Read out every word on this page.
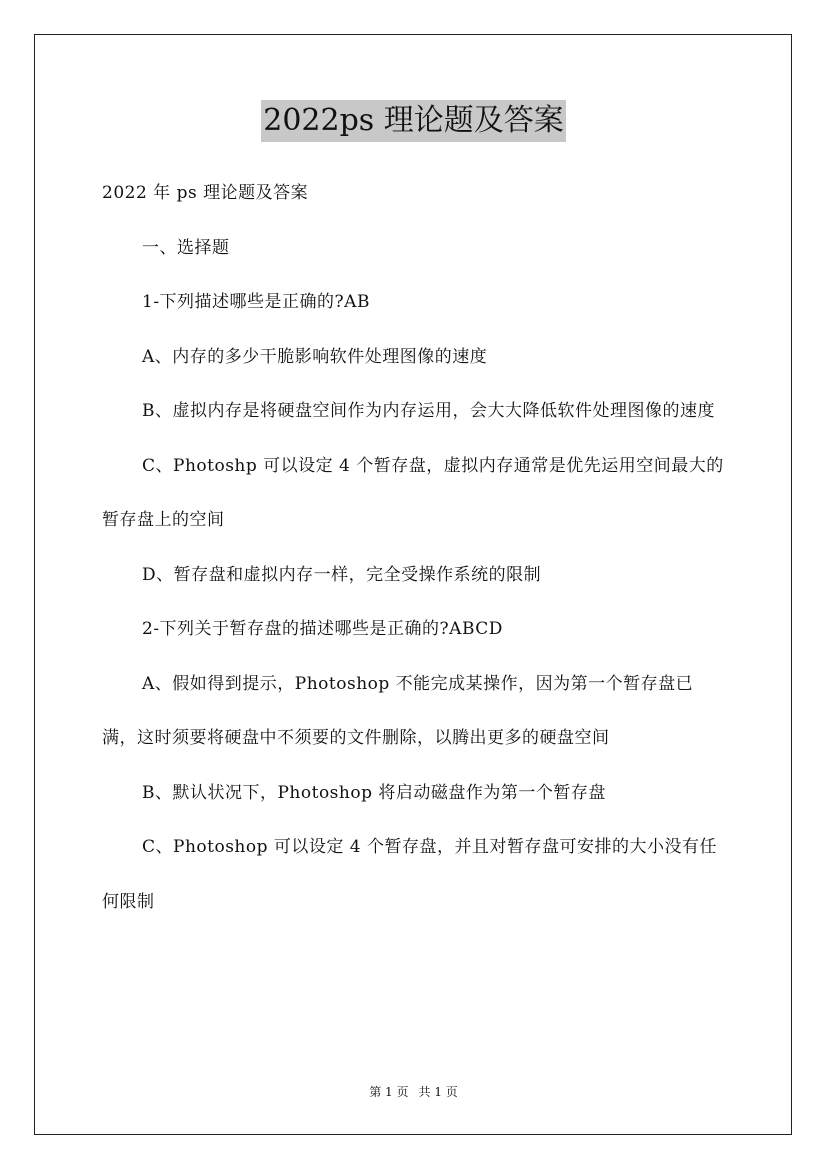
2022ps 理论题及答案

2022 年 ps 理论题及答案

一、选择题

1-下列描述哪些是正确的?AB

A、内存的多少干脆影响软件处理图像的速度

B、虚拟内存是将硬盘空间作为内存运用，会大大降低软件处理图像的速度

C、Photoshp 可以设定 4 个暂存盘，虚拟内存通常是优先运用空间最大的暂存盘上的空间

D、暂存盘和虚拟内存一样，完全受操作系统的限制

2-下列关于暂存盘的描述哪些是正确的?ABCD

A、假如得到提示，Photoshop 不能完成某操作，因为第一个暂存盘已满，这时须要将硬盘中不须要的文件删除，以腾出更多的硬盘空间

B、默认状况下，Photoshop 将启动磁盘作为第一个暂存盘

C、Photoshop 可以设定 4 个暂存盘，并且对暂存盘可安排的大小没有任何限制

第 1 页 共 1 页
